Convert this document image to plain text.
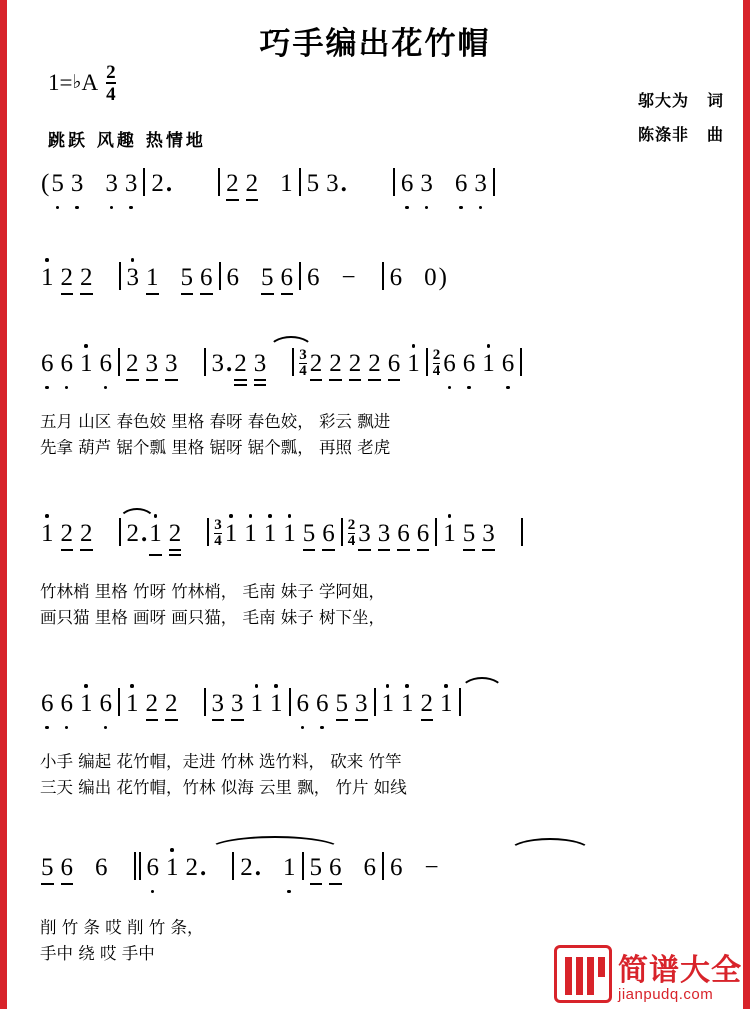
巧手编出花竹帽
1= ♭ A $\frac{2}{4}$
跳跃 风趣 热情地
邬大为 词
陈涤非 曲
(5 3 3 3 2. 2 2 1 5 3. 6 3 6 3
1 2 2 3 1 5 6 6 5 6 6 − 6 0)
6 6 1 6 2 3 3 3.2 $3 \frac{3}{4} 2$ 2 2 2 6 $1 \frac{2}{4} 6$ 6 1 6
五月 山区 春色姣 里格 春呀 春色姣， 彩云 飘进
先拿 葫芦 锯个瓢 里格 锯呀 锯个瓢， 再照 老虎
1 2 2 2.1 $2 \frac{3}{4} 1$ 1 1 1 5 $6 \frac{2}{4} 3$ 3 6 6 1 5 3
竹林梢 里格 竹呀 竹林梢， 毛南 妹子 学阿姐，
画只猫 里格 画呀 画只猫， 毛南 妹子 树下坐，
6 6 1 6 1 2 2 3 3 1 1 6 6 5 3 1 1 2 1
小手 编起 花竹帽，走进 竹林 选竹料， 砍来 竹竿
三天 编出 花竹帽，竹林 似海 云里 飘， 竹片 如线
5 6 6 6 1 2. 2. 1 5 6 6 6 −
削 竹 条 哎 削 竹 条，
手中 绕 哎 手中	简谱大全
jianpudq.com
